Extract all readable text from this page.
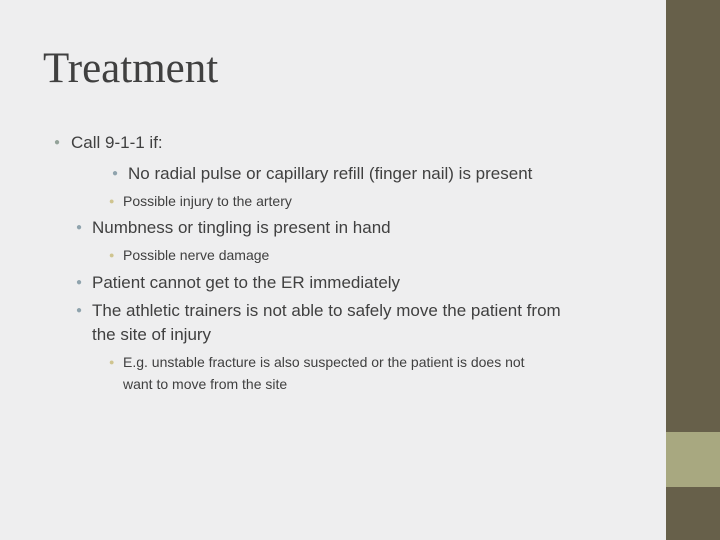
Treatment
● Call 9-1-1 if:
● No radial pulse or capillary refill (finger nail) is present
● Possible injury to the artery
● Numbness or tingling is present in hand
● Possible nerve damage
● Patient cannot get to the ER immediately
● The athletic trainers is not able to safely move the patient from
the site of injury
● E.g. unstable fracture is also suspected or the patient is does not
want to move from the site
